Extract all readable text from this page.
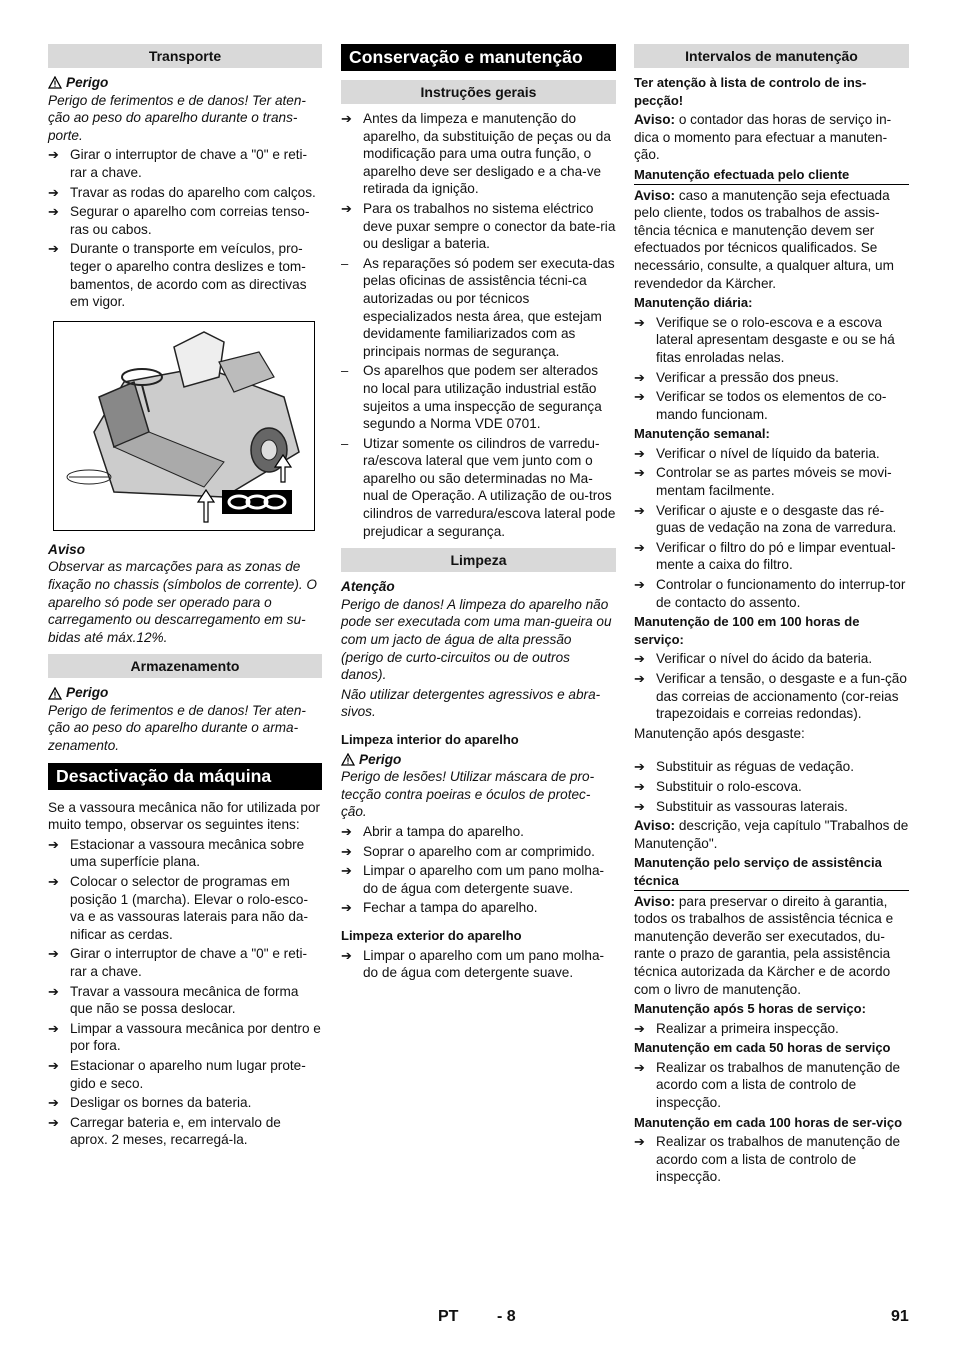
Transporte
Perigo

Perigo de ferimentos e de danos! Ter aten-ção ao peso do aparelho durante o trans-porte.

➔ Girar o interruptor de chave a "0" e reti-rar a chave.
➔ Travar as rodas do aparelho com calços.
➔ Segurar o aparelho com correias tenso-ras ou cabos.
➔ Durante o transporte em veículos, pro-teger o aparelho contra deslizes e tom-bamentos, de acordo com as directivas em vigor.
Aviso

Observar as marcações para as zonas de fixação no chassis (símbolos de corrente). O aparelho só pode ser operado para o carregamento ou descarregamento em su-bidas até máx.12%.

Armazenamento
Perigo

Perigo de ferimentos e de danos! Ter aten-ção ao peso do aparelho durante o arma-zenamento.

Desactivação da máquina

Se a vassoura mecânica não for utilizada por muito tempo, observar os seguintes itens:

➔ Estacionar a vassoura mecânica sobre uma superfície plana.
➔ Colocar o selector de programas em posição 1 (marcha). Elevar o rolo-esco-va e as vassouras laterais para não da-nificar as cerdas.
➔ Girar o interruptor de chave a "0" e reti-rar a chave.
➔ Travar a vassoura mecânica de forma que não se possa deslocar.
➔ Limpar a vassoura mecânica por dentro e por fora.
➔ Estacionar o aparelho num lugar prote-gido e seco.
➔ Desligar os bornes da bateria.
➔ Carregar bateria e, em intervalo de aprox. 2 meses, recarregá-la.
Conservação e manutenção
Instruções gerais
➔ Antes da limpeza e manutenção do aparelho, da substituição de peças ou da modificação para uma outra função, o aparelho deve ser desligado e a cha-ve retirada da ignição.
➔ Para os trabalhos no sistema eléctrico deve puxar sempre o conector da bate-ria ou desligar a bateria.
– As reparações só podem ser executa-das pelas oficinas de assistência técni-ca autorizadas ou por técnicos especializados nesta área, que estejam devidamente familiarizados com as principais normas de segurança.
– Os aparelhos que podem ser alterados no local para utilização industrial estão sujeitos a uma inspecção de segurança segundo a Norma VDE 0701.
– Utizar somente os cilindros de varredu-ra/escova lateral que vem junto com o aparelho ou são determinadas no Ma-nual de Operação. A utilização de ou-tros cilindros de varredura/escova lateral pode prejudicar a segurança.
Limpeza
Atenção

Perigo de danos! A limpeza do aparelho não pode ser executada com uma man-gueira ou com um jacto de água de alta pressão (perigo de curto-circuitos ou de outros danos).

Não utilizar detergentes agressivos e abra-sivos.

Limpeza interior do aparelho
Perigo

Perigo de lesões! Utilizar máscara de pro-tecção contra poeiras e óculos de protec-ção.

➔ Abrir a tampa do aparelho.
➔ Soprar o aparelho com ar comprimido.
➔ Limpar o aparelho com um pano molha-do de água com detergente suave.
➔ Fechar a tampa do aparelho.
Limpeza exterior do aparelho
➔ Limpar o aparelho com um pano molha-do de água com detergente suave.
Intervalos de manutenção
Ter atenção à lista de controlo de ins-pecção!

Aviso: o contador das horas de serviço in-dica o momento para efectuar a manuten-ção.

Manutenção efectuada pelo cliente

Aviso: caso a manutenção seja efectuada pelo cliente, todos os trabalhos de assis-tência técnica e manutenção devem ser efectuados por técnicos qualificados. Se necessário, consulte, a qualquer altura, um revendedor da Kärcher.

Manutenção diária:
➔ Verifique se o rolo-escova e a escova lateral apresentam desgaste e ou se há fitas enroladas nelas.
➔ Verificar a pressão dos pneus.
➔ Verificar se todos os elementos de co-mando funcionam.
Manutenção semanal:
➔ Verificar o nível de líquido da bateria.
➔ Controlar se as partes móveis se movi-mentam facilmente.
➔ Verificar o ajuste e o desgaste das ré-guas de vedação na zona de varredura.
➔ Verificar o filtro do pó e limpar eventual-mente a caixa do filtro.
➔ Controlar o funcionamento do interrup-tor de contacto do assento.
Manutenção de 100 em 100 horas de serviço:
➔ Verificar o nível do ácido da bateria.
➔ Verificar a tensão, o desgaste e a fun-ção das correias de accionamento (cor-reias trapezoidais e correias redondas).

Manutenção após desgaste:

➔ Substituir as réguas de vedação.
➔ Substituir o rolo-escova.
➔ Substituir as vassouras laterais.

Aviso: descrição, veja capítulo "Trabalhos de Manutenção".

Manutenção pelo serviço de assistência técnica

Aviso: para preservar o direito à garantia, todos os trabalhos de assistência técnica e manutenção deverão ser executados, du-rante o prazo de garantia, pela assistência técnica autorizada da Kärcher e de acordo com o livro de manutenção.

Manutenção após 5 horas de serviço:
➔ Realizar a primeira inspecção.
Manutenção em cada 50 horas de serviço
➔ Realizar os trabalhos de manutenção de acordo com a lista de controlo de inspecção.
Manutenção em cada 100 horas de ser-viço
➔ Realizar os trabalhos de manutenção de acordo com a lista de controlo de inspecção.
PT - 8	91
